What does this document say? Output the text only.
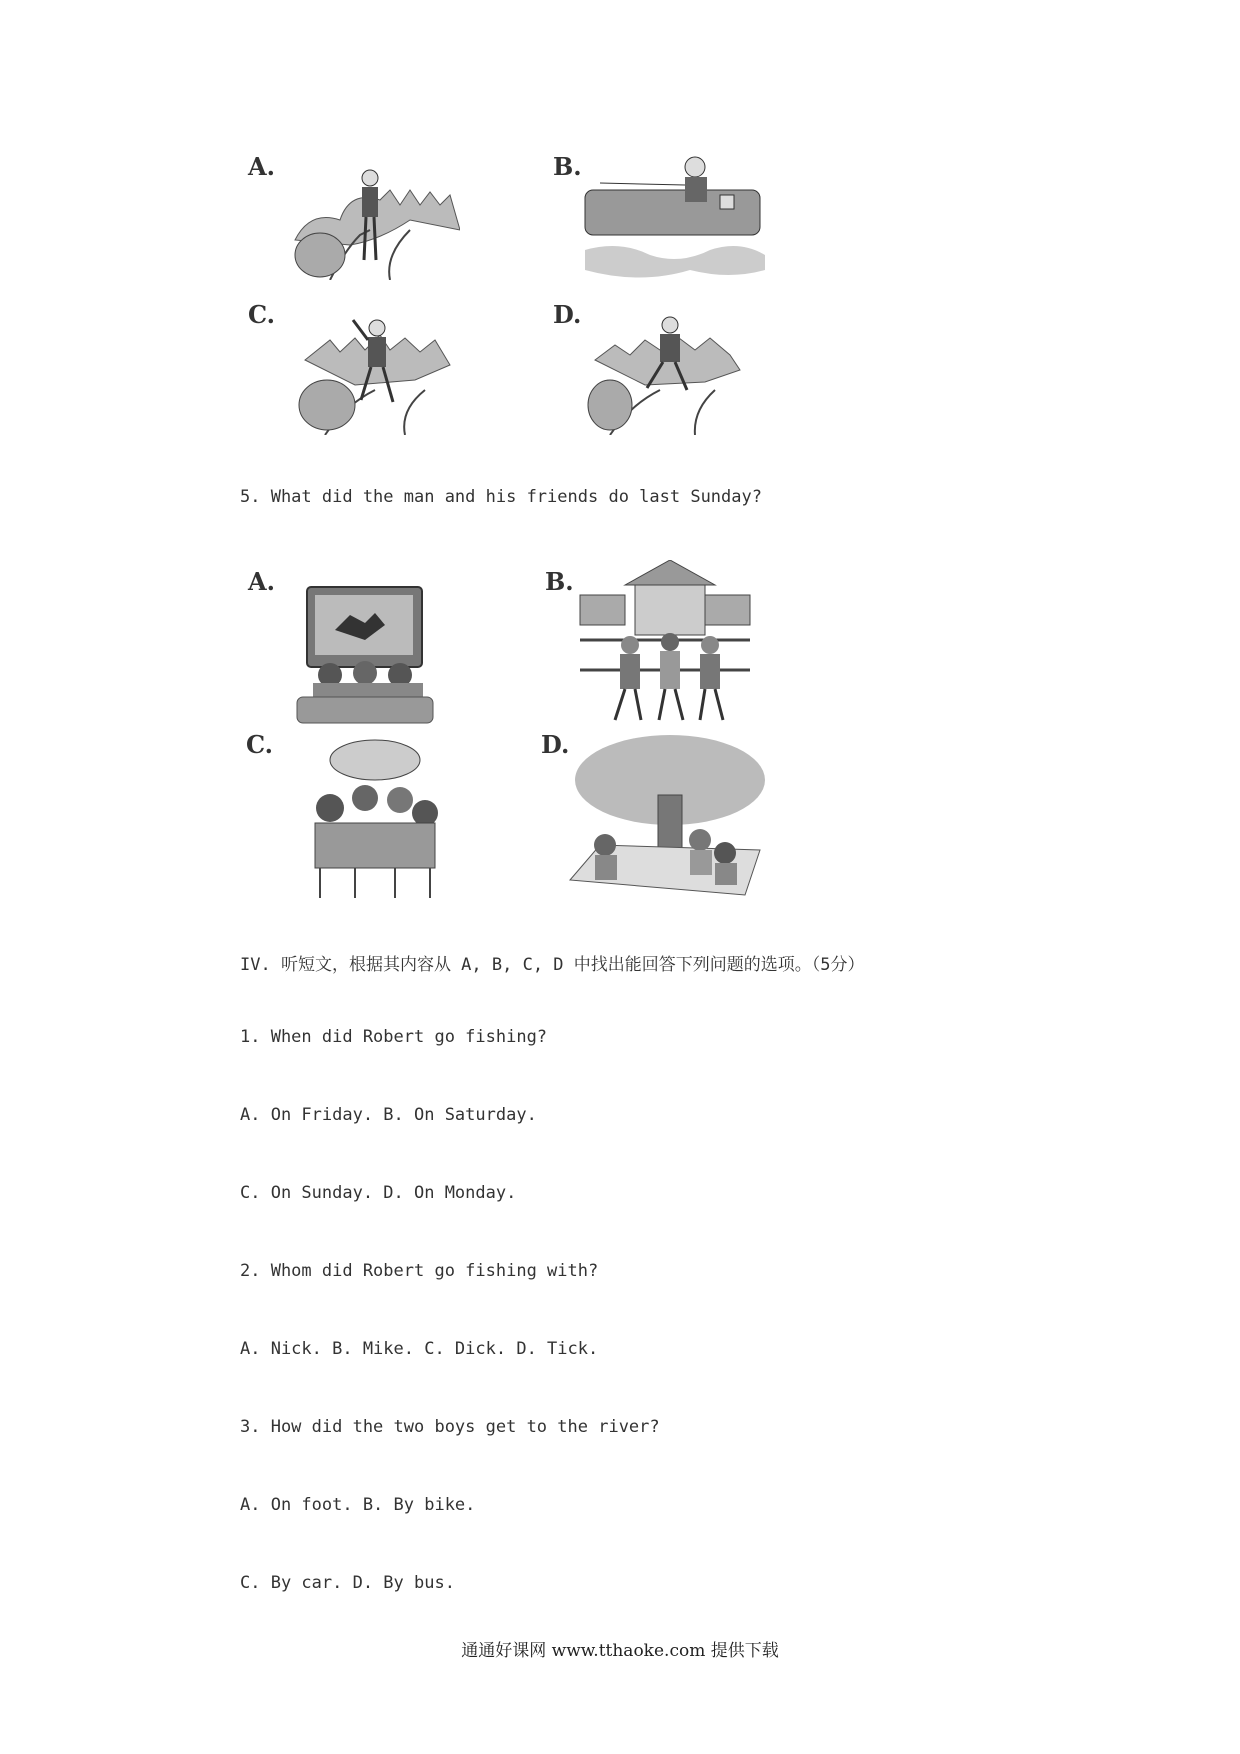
A.	B.
C.	D.
5. What did the man and his friends do last Sunday?
A.	B.
C.	D.
IV. 听短文，根据其内容从 A, B, C, D 中找出能回答下列问题的选项。（5分）
1. When did Robert go fishing?
A. On Friday. B. On Saturday.
C. On Sunday. D. On Monday.
2. Whom did Robert go fishing with?
A. Nick. B. Mike. C. Dick. D. Tick.
3. How did the two boys get to the river?
A. On foot. B. By bike.
C. By car. D. By bus.
通通好课网 www.tthaoke.com 提供下载
